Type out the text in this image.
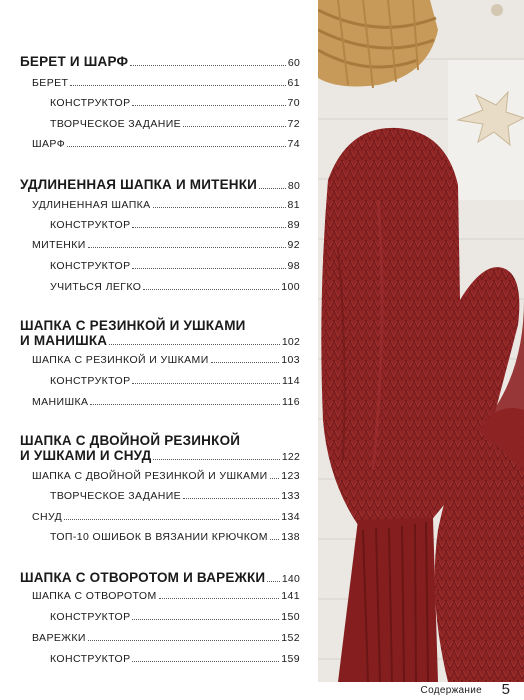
БЕРЕТ И ШАРФ	60
БЕРЕТ	61
КОНСТРУКТОР	70
ТВОРЧЕСКОЕ ЗАДАНИЕ	72
ШАРФ	74
УДЛИНЕННАЯ ШАПКА И МИТЕНКИ	80
УДЛИНЕННАЯ ШАПКА	81
КОНСТРУКТОР	89
МИТЕНКИ	92
КОНСТРУКТОР	98
УЧИТЬСЯ ЛЕГКО	100
ШАПКА С РЕЗИНКОЙ И УШКАМИ
И МАНИШКА	102
ШАПКА С РЕЗИНКОЙ И УШКАМИ	103
КОНСТРУКТОР	114
МАНИШКА	116
ШАПКА С ДВОЙНОЙ РЕЗИНКОЙ
И УШКАМИ И СНУД	122
ШАПКА С ДВОЙНОЙ РЕЗИНКОЙ И УШКАМИ 123
ТВОРЧЕСКОЕ ЗАДАНИЕ	133
СНУД	134
ТОП-10 ОШИБОК В ВЯЗАНИИ КРЮЧКОМ 138
ШАПКА С ОТВОРОТОМ И ВАРЕЖКИ 140
ШАПКА С ОТВОРОТОМ	141
КОНСТРУКТОР	150
ВАРЕЖКИ	152
КОНСТРУКТОР	159
Содержание 5
